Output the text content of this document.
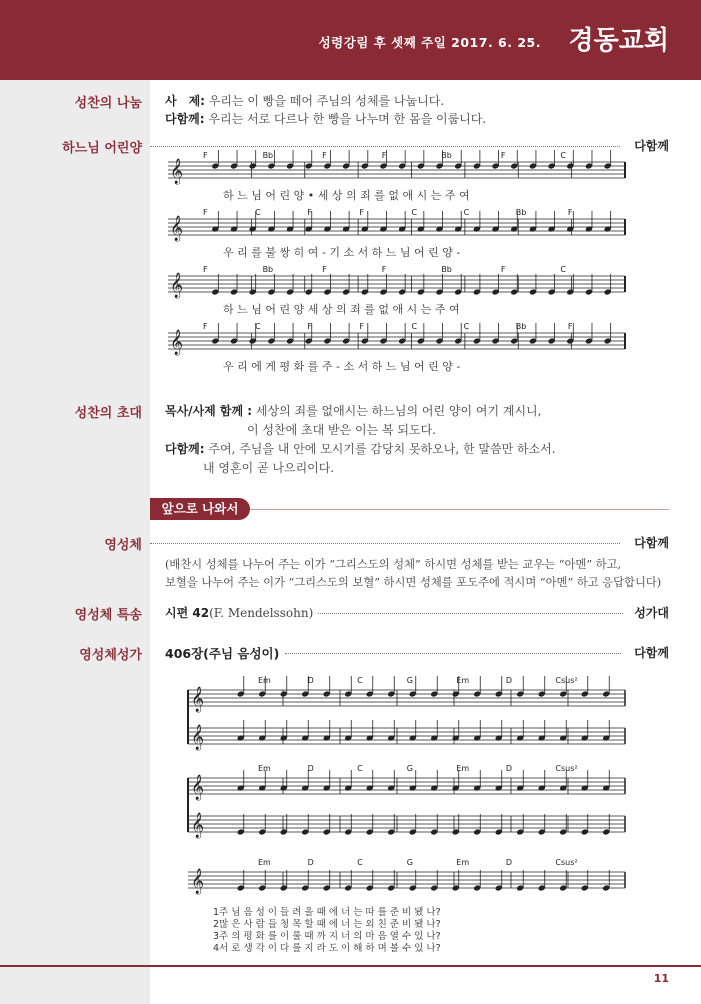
성령강림 후 셋째 주일 2017. 6. 25. 경동교회
성찬의 나눔 사　제: 우리는 이 빵을 떼어 주님의 성체를 나눕니다.
다함께: 우리는 서로 다르나 한 빵을 나누며 한 몸을 이룹니다.
하느님 어린양	다함께
𝄞
F	Bb	F	F	Bb	F	C
하 느 님 어 린 양 • 세 상 의 죄 를 없 애 시 는 주 여
𝄞
F	C	F	F	C	C	Bb	F
우 리 를 불 쌍 히 여 - 기 소 서 하 느 님 어 린 양 -
𝄞
F	Bb	F	F	Bb	F	C
하 느 님 어 린 양 세 상 의 죄 를 없 애 시 는 주 여
𝄞
F	C	F	F	C	C	Bb	F
우 리 에 게 평 화 를 주 - 소 서 하 느 님 어 린 양 -
성찬의 초대 목사/사제 함께 : 세상의 죄를 없애시는 하느님의 어린 양이 여기 계시니,
이 성찬에 초대 받은 이는 복 되도다.
다함께: 주여, 주님을 내 안에 모시기를 감당치 못하오나, 한 말씀만 하소서.
내 영혼이 곧 나으리이다.
앞으로 나와서
영성체	다함께
(배찬시 성체를 나누어 주는 이가 “그리스도의 성체” 하시면 성체를 받는 교우는 “아멘” 하고,
보혈을 나누어 주는 이가 “그리스도의 보혈” 하시면 성체를 포도주에 적시며 “아멘” 하고 응답합니다)
영성체 특송 시편 42(F. Mendelssohn)	성가대
영성체성가 406장(주님 음성이)	다함께
𝄞
𝄞
Em	D	C	G	Em	D	Csus²
𝄞
𝄞
Em	D	C	G	Em	D	Csus²
𝄞
Em	D	C	G	Em	D	Csus²
1주 님 음 성 이 들 려 올 때 에 너 는 따 를 준 비 됐 나?
2많 은 사 람 들 청 목 할 때 에 너 는 외 친 준 비 됐 나?
3주 의 평 화 를 이 룰 때 까 지 너 의 마 음 열 수 있 나?
4서 로 생 각 이 다 를 지 라 도 이 해 하 며 볼 수 있 나?
11
